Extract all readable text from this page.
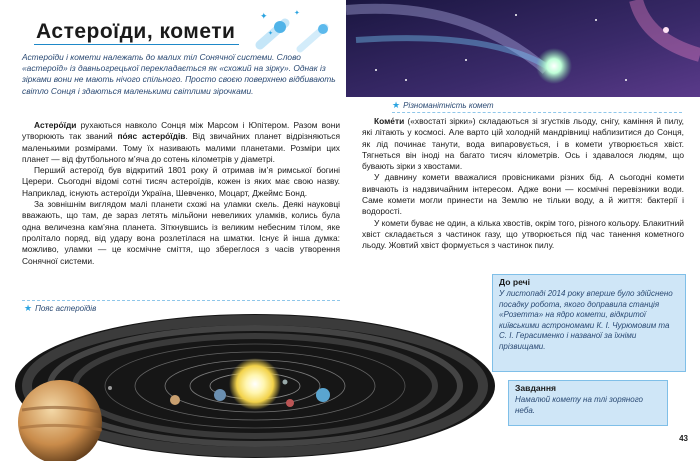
✦	✦
✦
Астероїди, комети
Астероїди і комети належать до малих тіл Сонячної системи. Слово «астероїд» із давньогрецької перекладається як «схожий на зірку». Однак із зірками вони не мають нічого спільного. Просто своєю поверхнею відбивають світло Сонця і здаються маленькими світлими зірочками.

Астеро́їди рухаються навколо Сонця між Марсом і Юпітером. Разом вони утворюють так званий по́яс астеро́їдів. Від звичайних планет відрізняються маленькими розмірами. Тому їх називають малими планетами. Розміри цих планет — від футбольного м’яча до сотень кілометрів у діаметрі.

Перший астероїд був відкритий 1801 року й отримав ім’я римської богині Церери. Сьогодні відомі сотні тисяч астероїдів, кожен із яких має свою назву. Наприклад, існують астероїди Україна, Шевченко, Моцарт, Джеймс Бонд.

За зовнішнім виглядом малі планети схожі на уламки скель. Деякі науковці вважають, що там, де зараз летять мільйони невеликих уламків, колись була одна величезна кам’яна планета. Зіткнувшись із великим небесним тілом, яке пролітало поряд, від удару вона розлетілася на шматки. Існує й інша думка: можливо, уламки — це космічне сміття, що збереглося з часів утворення Сонячної системи.

★ Пояс астероїдів
★ Різноманітність комет

Коме́ти («хвостаті зірки») складаються зі згустків льоду, снігу, каміння й пилу, які літають у космосі. Але варто цій холодній мандрівниці наблизитися до Сонця, як лід починає танути, вода випаровується, і в комети утворюється хвіст. Тягнеться він іноді на багато тисяч кілометрів. Ось і здавалося людям, що бувають зірки з хвостами.

У давнину комети вважалися провісниками різних бід. А сьогодні комети вивчають із надзвичайним інтересом. Адже вони — космічні перевізники води. Саме комети могли принести на Землю не тільки воду, а й життя: бактерії і водорості.

У комети буває не один, а кілька хвостів, окрім того, різного кольору. Блакитний хвіст складається з частинок газу, що утворюється під час танення кометного льоду. Жовтий хвіст формується з частинок пилу.

До речі
У листопаді 2014 року вперше було здійснено посадку робота, якого доправила станція «Розетта» на ядро комети, відкритої київськими астрономами К. І. Чурюмовим та С. І. Герасименко і названої за їхніми прізвищами.
Завдання
Намалюй комету на тлі зоряного неба.
43
